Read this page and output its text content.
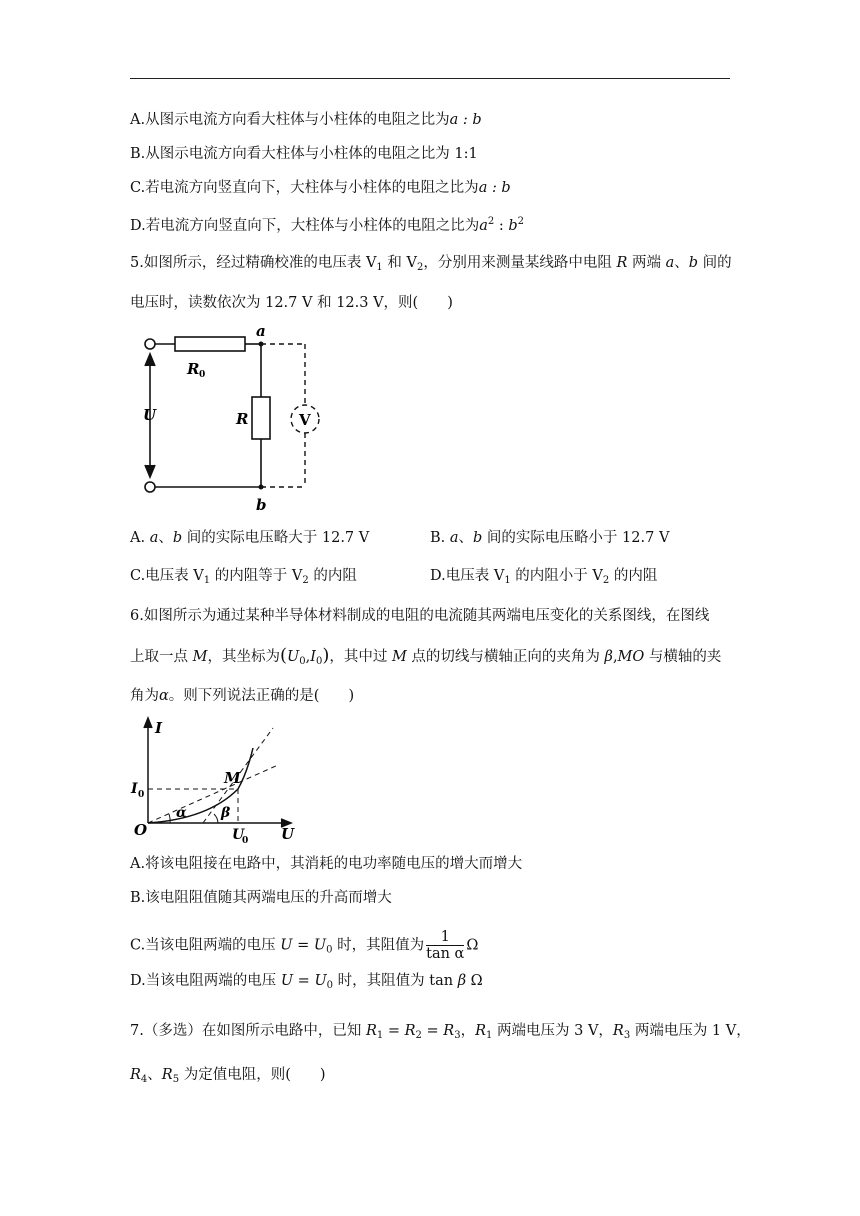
A.从图示电流方向看大柱体与小柱体的电阻之比为a : b
B.从图示电流方向看大柱体与小柱体的电阻之比为 1:1
C.若电流方向竖直向下，大柱体与小柱体的电阻之比为a : b
D.若电流方向竖直向下，大柱体与小柱体的电阻之比为$a^2$ : $b^2$
5.如图所示，经过精确校准的电压表 $V_1$ 和 $V_2$，分别用来测量某线路中电阻 R 两端 a、b 间的
电压时，读数依次为 12.7 V 和 12.3 V，则(　　)
a
b
R 0
R
U	V
A. a、b 间的实际电压略大于 12.7 V	B. a、b 间的实际电压略小于 12.7 V
C.电压表 $V_1$ 的内阻等于 $V_2$ 的内阻	D.电压表 $V_1$ 的内阻小于 $V_2$ 的内阻
6.如图所示为通过某种半导体材料制成的电阻的电流随其两端电压变化的关系图线，在图线
上取一点 M，其坐标为$(U_0,I_0)$，其中过 M 点的切线与横轴正向的夹角为 β,MO 与横轴的夹
角为α。则下列说法正确的是(　　)
I
I 0
U
0 U
O
M
α β
A.将该电阻接在电路中，其消耗的电功率随电压的增大而增大
B.该电阻阻值随其两端电压的升高而增大
C.当该电阻两端的电压 $U = U_0$ 时，其阻值为 $\frac{1}{\text{tan α}}$ Ω
D.当该电阻两端的电压 $U = U_0$ 时，其阻值为 tan β Ω
7.（多选）在如图所示电路中，已知 $R_1 = R_2 = R_3$，$R_1$ 两端电压为 3 V，$R_3$ 两端电压为 1 V，
$R_4$、$R_5$ 为定值电阻，则(　　)
